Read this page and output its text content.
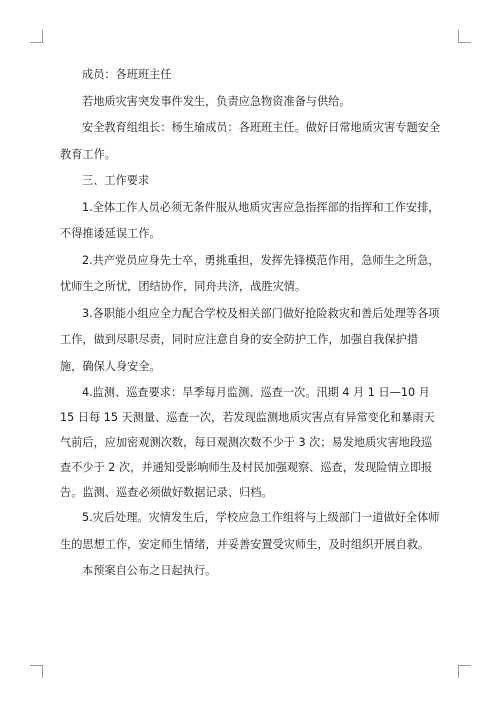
成员：各班班主任

若地质灾害突发事件发生，负责应急物资准备与供给。

安全教育组组长：杨生瑜成员：各班班主任。做好日常地质灾害专题安全教育工作。

三、工作要求

1.全体工作人员必须无条件服从地质灾害应急指挥部的指挥和工作安排，不得推诿延误工作。

2.共产党员应身先士卒，勇挑重担，发挥先锋模范作用，急师生之所急，忧师生之所忧，团结协作，同舟共济，战胜灾情。

3.各职能小组应全力配合学校及相关部门做好抢险救灾和善后处理等各项工作，做到尽职尽责，同时应注意自身的安全防护工作，加强自我保护措施，确保人身安全。

4.监测、巡查要求：旱季每月监测、巡查一次。汛期 4 月 1 日—10 月 15 日每 15 天测量、巡查一次，若发现监测地质灾害点有异常变化和暴雨天气前后，应加密观测次数，每日观测次数不少于 3 次；易发地质灾害地段巡查不少于 2 次，并通知受影响师生及村民加强观察、巡查，发现险情立即报告。监测、巡查必须做好数据记录、归档。

5.灾后处理。灾情发生后，学校应急工作组将与上级部门一道做好全体师生的思想工作，安定师生情绪，并妥善安置受灾师生，及时组织开展自救。

本预案自公布之日起执行。
